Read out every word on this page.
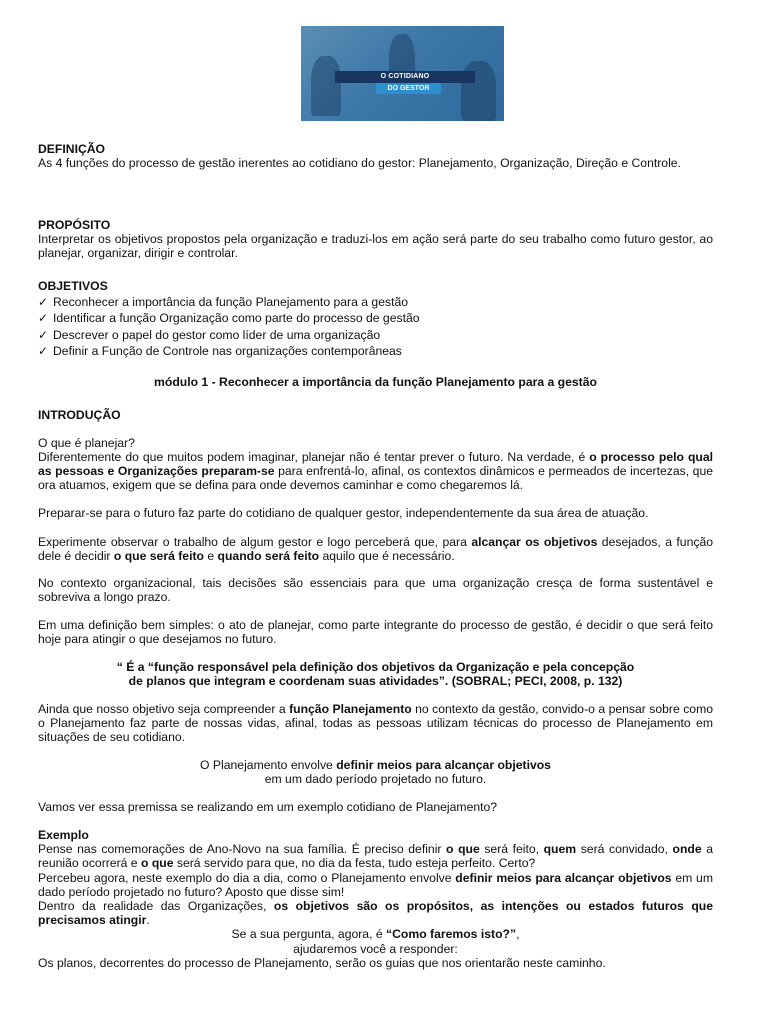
O COTIDIANO
DO GESTOR

DEFINIÇÃO

As 4 funções do processo de gestão inerentes ao cotidiano do gestor: Planejamento, Organização, Direção e Controle.

PROPÓSITO

Interpretar os objetivos propostos pela organização e traduzi-los em ação será parte do seu trabalho como futuro gestor, ao planejar, organizar, dirigir e controlar.

OBJETIVOS

✓ Reconhecer a importância da função Planejamento para a gestão

✓ Identificar a função Organização como parte do processo de gestão

✓ Descrever o papel do gestor como líder de uma organização

✓ Definir a Função de Controle nas organizações contemporâneas

módulo 1 - Reconhecer a importância da função Planejamento para a gestão
INTRODUÇÃO
O que é planejar?
Diferentemente do que muitos podem imaginar, planejar não é tentar prever o futuro. Na verdade, é o processo pelo qual as pessoas e Organizações preparam-se para enfrentá-lo, afinal, os contextos dinâmicos e permeados de incertezas, que ora atuamos, exigem que se defina para onde devemos caminhar e como chegaremos lá.
Preparar-se para o futuro faz parte do cotidiano de qualquer gestor, independentemente da sua área de atuação.
Experimente observar o trabalho de algum gestor e logo perceberá que, para alcançar os objetivos desejados, a função dele é decidir o que será feito e quando será feito aquilo que é necessário.
No contexto organizacional, tais decisões são essenciais para que uma organização cresça de forma sustentável e sobreviva a longo prazo.
Em uma definição bem simples: o ato de planejar, como parte integrante do processo de gestão, é decidir o que será feito hoje para atingir o que desejamos no futuro.

“ É a “função responsável pela definição dos objetivos da Organização e pela concepção

de planos que integram e coordenam suas atividades”. (SOBRAL; PECI, 2008, p. 132)

Ainda que nosso objetivo seja compreender a função Planejamento no contexto da gestão, convido-o a pensar sobre como o Planejamento faz parte de nossas vidas, afinal, todas as pessoas utilizam técnicas do processo de Planejamento em situações de seu cotidiano.

O Planejamento envolve definir meios para alcançar objetivos

em um dado período projetado no futuro.

Vamos ver essa premissa se realizando em um exemplo cotidiano de Planejamento?

Exemplo

Pense nas comemorações de Ano-Novo na sua família. É preciso definir o que será feito, quem será convidado, onde a reunião ocorrerá e o que será servido para que, no dia da festa, tudo esteja perfeito. Certo?

Percebeu agora, neste exemplo do dia a dia, como o Planejamento envolve definir meios para alcançar objetivos em um dado período projetado no futuro? Aposto que disse sim!

Dentro da realidade das Organizações, os objetivos são os propósitos, as intenções ou estados futuros que precisamos atingir.

Se a sua pergunta, agora, é “Como faremos isto?”,

ajudaremos você a responder:

Os planos, decorrentes do processo de Planejamento, serão os guias que nos orientarão neste caminho.
